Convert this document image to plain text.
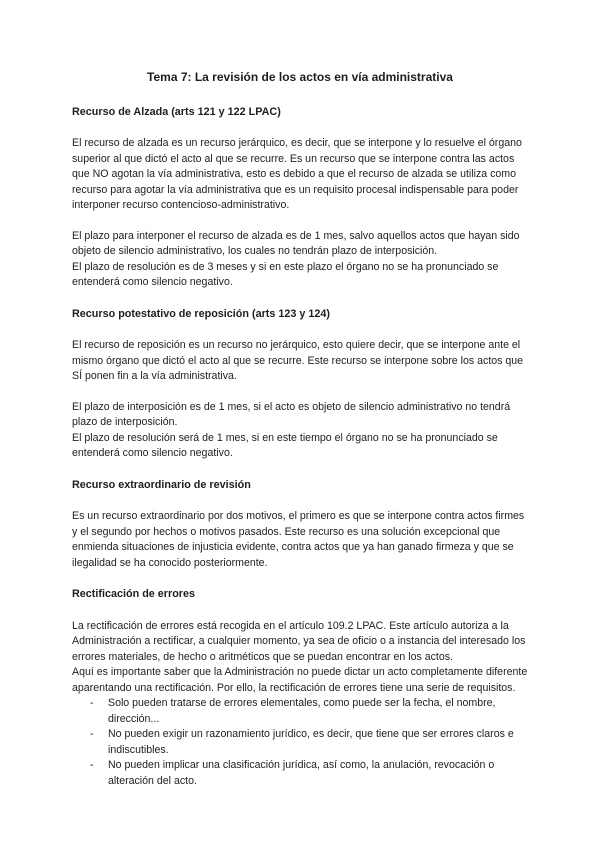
Tema 7: La revisión de los actos en vía administrativa
Recurso de Alzada (arts 121 y 122 LPAC)

El recurso de alzada es un recurso jerárquico, es decir, que se interpone y lo resuelve el órgano superior al que dictó el acto al que se recurre. Es un recurso que se interpone contra las actos que NO agotan la vía administrativa, esto es debido a que el recurso de alzada se utiliza como recurso para agotar la vía administrativa que es un requisito procesal indispensable para poder interponer recurso contencioso-administrativo.

El plazo para interponer el recurso de alzada es de 1 mes, salvo aquellos actos que hayan sido objeto de silencio administrativo, los cuales no tendrán plazo de interposición.

El plazo de resolución es de 3 meses y si en este plazo el órgano no se ha pronunciado se entenderá como silencio negativo.

Recurso potestativo de reposición (arts 123 y 124)

El recurso de reposición es un recurso no jerárquico, esto quiere decir, que se interpone ante el mismo órgano que dictó el acto al que se recurre. Este recurso se interpone sobre los actos que SÍ ponen fin a la vía administrativa.

El plazo de interposición es de 1 mes, si el acto es objeto de silencio administrativo no tendrá plazo de interposición.

El plazo de resolución será de 1 mes, si en este tiempo el órgano no se ha pronunciado se entenderá como silencio negativo.

Recurso extraordinario de revisión

Es un recurso extraordinario por dos motivos, el primero es que se interpone contra actos firmes y el segundo por hechos o motivos pasados. Este recurso es una solución excepcional que enmienda situaciones de injusticia evidente, contra actos que ya han ganado firmeza y que se ilegalidad se ha conocido posteriormente.

Rectificación de errores

La rectificación de errores está recogida en el artículo 109.2 LPAC. Este artículo autoriza a la Administración a rectificar, a cualquier momento, ya sea de oficio o a instancia del interesado los errores materiales, de hecho o aritméticos que se puedan encontrar en los actos.

Aquí es importante saber que la Administración no puede dictar un acto completamente diferente aparentando una rectificación. Por ello, la rectificación de errores tiene una serie de requisitos.

- Solo pueden tratarse de errores elementales, como puede ser la fecha, el nombre, dirección...
- No pueden exigir un razonamiento jurídico, es decir, que tiene que ser errores claros e indiscutibles.
- No pueden implicar una clasificación jurídica, así como, la anulación, revocación o alteración del acto.
